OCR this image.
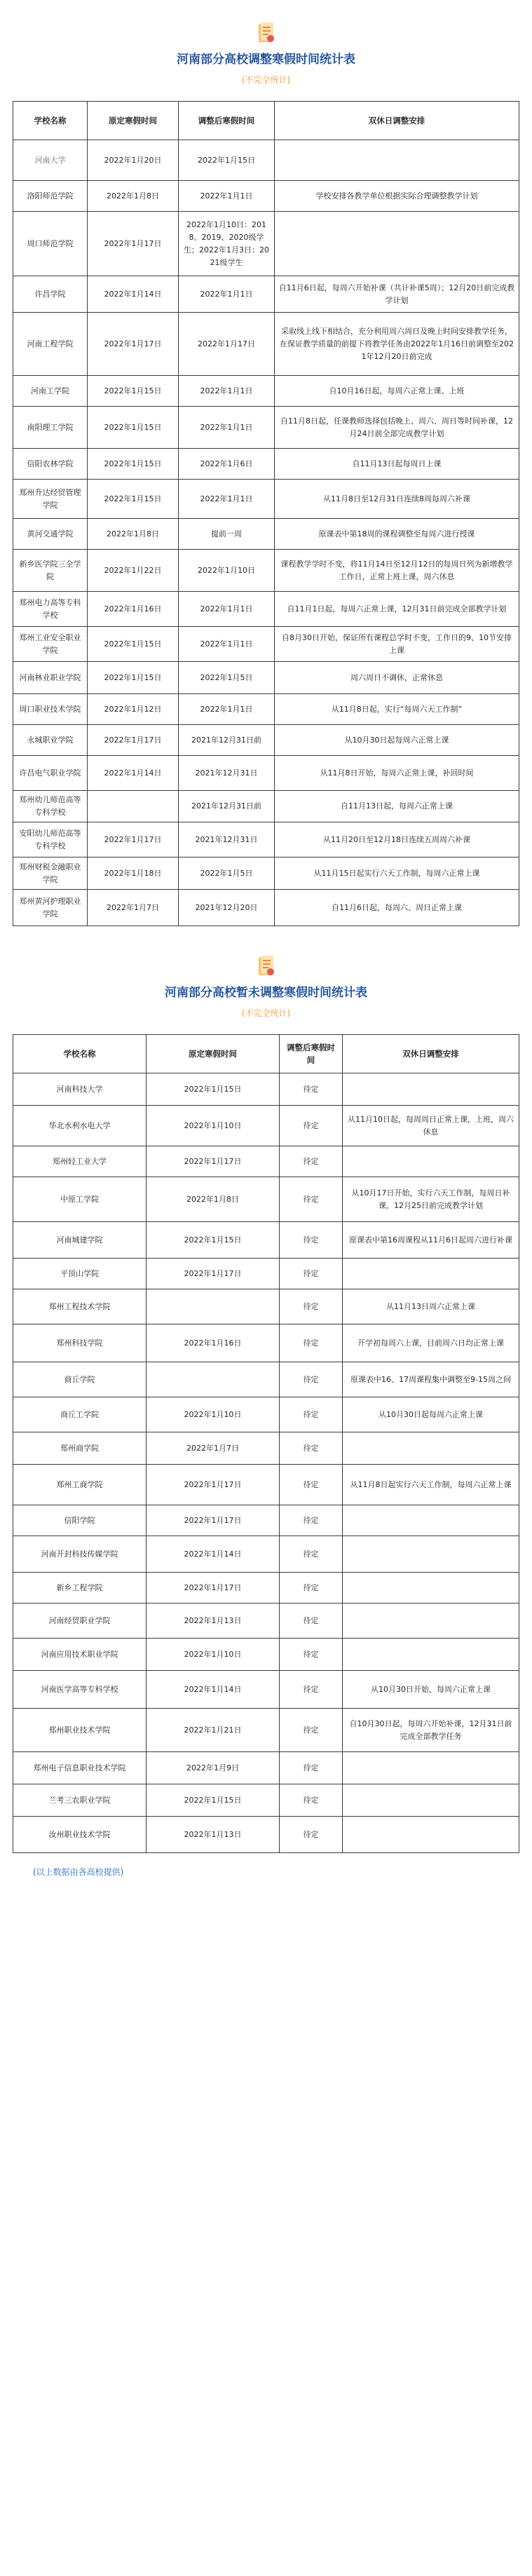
河南部分高校调整寒假时间统计表
(不完全统计)
学校名称	原定寒假时间	调整后寒假时间	双休日调整安排
河南大学	2022年1月20日	2022年1月15日	
洛阳师范学院	2022年1月8日	2022年1月1日	学校安排各教学单位根据实际合理调整教学计划
周口师范学院	2022年1月17日	2022年1月10日：2018、2019、2020级学生；2022年1月3日：2021级学生	
许昌学院	2022年1月14日	2022年1月1日	自11月6日起，每周六开始补课（共计补课5周）；12月20日前完成教学计划
河南工程学院	2022年1月17日	2022年1月17日	采取线上线下相结合，充分利用周六周日及晚上时间安排教学任务，在保证教学质量的前提下将教学任务由2022年1月16日前调整至2021年12月20日前完成
河南工学院	2022年1月15日	2022年1月1日	自10月16日起，每周六正常上课、上班
南阳理工学院	2022年1月15日	2022年1月1日	自11月8日起，任课教师选择包括晚上、周六、周日等时间补课，12月24日前全部完成教学计划
信阳农林学院	2022年1月15日	2022年1月6日	自11月13日起每周日上课
郑州升达经贸管理学院	2022年1月15日	2022年1月1日	从11月8日至12月31日连续8周每周六补课
黄河交通学院	2022年1月8日	提前一周	原课表中第18周的课程调整至每周六进行授课
新乡医学院三全学院	2022年1月22日	2022年1月10日	课程教学学时不变，将11月14日至12月12日的每周日列为新增教学工作日，正常上班上课，周六休息
郑州电力高等专科学校	2022年1月16日	2022年1月1日	自11月1日起，每周六正常上课，12月31日前完成全部教学计划
郑州工业安全职业学院	2022年1月15日	2022年1月1日	自8月30日开始，保证所有课程总学时不变，工作日的9、10节安排上课
河南林业职业学院	2022年1月15日	2022年1月5日	周六周日不调休，正常休息
周口职业技术学院	2022年1月12日	2022年1月1日	从11月8日起，实行“每周六天工作制”
永城职业学院	2022年1月17日	2021年12月31日前	从10月30日起每周六正常上课
许昌电气职业学院	2022年1月14日	2021年12月31日	从11月8日开始，每周六正常上课，补回时间
郑州幼儿师范高等专科学校		2021年12月31日前	自11月13日起，每周六正常上课
安阳幼儿师范高等专科学校	2022年1月17日	2021年12月31日	从11月20日至12月18日连续五周周六补课
郑州财税金融职业学院	2022年1月18日	2022年1月5日	从11月15日起实行六天工作制，每周六正常上课
郑州黄河护理职业学院	2022年1月7日	2021年12月20日	自11月6日起，每周六、周日正常上课
河南部分高校暂未调整寒假时间统计表
(不完全统计)
学校名称	原定寒假时间	调整后寒假时间	双休日调整安排
河南科技大学	2022年1月15日	待定	
华北水利水电大学	2022年1月10日	待定	从11月10日起，每周周日正常上课，上班，周六休息
郑州轻工业大学	2022年1月17日	待定	
中原工学院	2022年1月8日	待定	从10月17日开始，实行六天工作制，每周日补课。12月25日前完成教学计划
河南城建学院	2022年1月15日	待定	原课表中第16周课程从11月6日起周六进行补课
平顶山学院	2022年1月17日	待定	
郑州工程技术学院		待定	从11月13日周六正常上课
郑州科技学院	2022年1月16日	待定	开学初每周六上课，目前周六日均正常上课
商丘学院		待定	原课表中16、17周课程集中调整至9-15周之间
商丘工学院	2022年1月10日	待定	从10月30日起每周六正常上课
郑州商学院	2022年1月7日	待定	
郑州工商学院	2022年1月17日	待定	从11月8日起实行六天工作制，每周六正常上课
信阳学院	2022年1月17日	待定	
河南开封科技传媒学院	2022年1月14日	待定	
新乡工程学院	2022年1月17日	待定	
河南经贸职业学院	2022年1月13日	待定	
河南应用技术职业学院	2022年1月10日	待定	
河南医学高等专科学校	2022年1月14日	待定	从10月30日开始，每周六正常上课
郑州职业技术学院	2022年1月21日	待定	自10月30日起，每周六开始补课，12月31日前完成全部教学任务
郑州电子信息职业技术学院	2022年1月9日	待定	
兰考三农职业学院	2022年1月15日	待定	
汝州职业技术学院	2022年1月13日	待定	
(以上数据由各高校提供)
